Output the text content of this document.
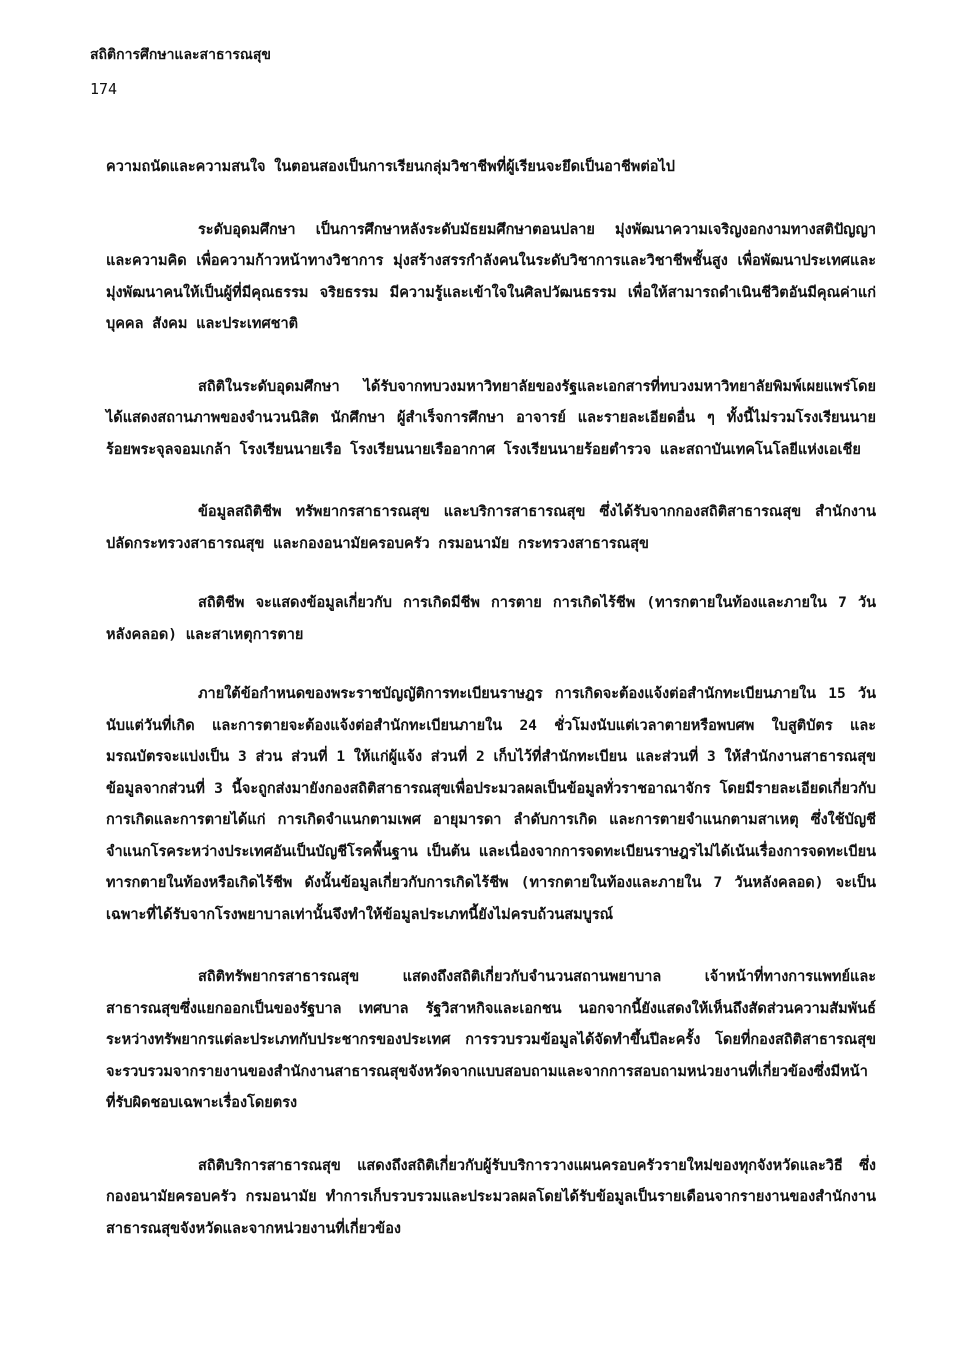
สถิติการศึกษาและสาธารณสุข
174

ความถนัดและความสนใจ ในตอนสองเป็นการเรียนกลุ่มวิชาชีพที่ผู้เรียนจะยึดเป็นอาชีพต่อไป

ระดับอุดมศึกษา เป็นการศึกษาหลังระดับมัธยมศึกษาตอนปลาย มุ่งพัฒนาความเจริญงอกงามทางสติปัญญาและความคิด เพื่อความก้าวหน้าทางวิชาการ มุ่งสร้างสรรกำลังคนในระดับวิชาการและวิชาชีพชั้นสูง เพื่อพัฒนาประเทศและมุ่งพัฒนาคนให้เป็นผู้ที่มีคุณธรรม จริยธรรม มีความรู้และเข้าใจในศิลปวัฒนธรรม เพื่อให้สามารถดำเนินชีวิตอันมีคุณค่าแก่บุคคล สังคม และประเทศชาติ

สถิติในระดับอุดมศึกษา ได้รับจากทบวงมหาวิทยาลัยของรัฐและเอกสารที่ทบวงมหาวิทยาลัยพิมพ์เผยแพร่โดยได้แสดงสถานภาพของจำนวนนิสิต นักศึกษา ผู้สำเร็จการศึกษา อาจารย์ และรายละเอียดอื่น ๆ ทั้งนี้ไม่รวมโรงเรียนนายร้อยพระจุลจอมเกล้า โรงเรียนนายเรือ โรงเรียนนายเรืออากาศ โรงเรียนนายร้อยตำรวจ และสถาบันเทคโนโลยีแห่งเอเชีย

ข้อมูลสถิติชีพ ทรัพยากรสาธารณสุข และบริการสาธารณสุข ซึ่งได้รับจากกองสถิติสาธารณสุข สำนักงานปลัดกระทรวงสาธารณสุข และกองอนามัยครอบครัว กรมอนามัย กระทรวงสาธารณสุข

สถิติชีพ จะแสดงข้อมูลเกี่ยวกับ การเกิดมีชีพ การตาย การเกิดไร้ชีพ (ทารกตายในท้องและภายใน 7 วันหลังคลอด) และสาเหตุการตาย

ภายใต้ข้อกำหนดของพระราชบัญญัติการทะเบียนราษฎร การเกิดจะต้องแจ้งต่อสำนักทะเบียนภายใน 15 วันนับแต่วันที่เกิด และการตายจะต้องแจ้งต่อสำนักทะเบียนภายใน 24 ชั่วโมงนับแต่เวลาตายหรือพบศพ ใบสูติบัตร และมรณบัตรจะแบ่งเป็น 3 ส่วน ส่วนที่ 1 ให้แก่ผู้แจ้ง ส่วนที่ 2 เก็บไว้ที่สำนักทะเบียน และส่วนที่ 3 ให้สำนักงานสาธารณสุข ข้อมูลจากส่วนที่ 3 นี้จะถูกส่งมายังกองสถิติสาธารณสุขเพื่อประมวลผลเป็นข้อมูลทั่วราชอาณาจักร โดยมีรายละเอียดเกี่ยวกับการเกิดและการตายได้แก่ การเกิดจำแนกตามเพศ อายุมารดา ลำดับการเกิด และการตายจำแนกตามสาเหตุ ซึ่งใช้บัญชีจำแนกโรคระหว่างประเทศอันเป็นบัญชีโรคพื้นฐาน เป็นต้น และเนื่องจากการจดทะเบียนราษฎรไม่ได้เน้นเรื่องการจดทะเบียนทารกตายในท้องหรือเกิดไร้ชีพ ดังนั้นข้อมูลเกี่ยวกับการเกิดไร้ชีพ (ทารกตายในท้องและภายใน 7 วันหลังคลอด) จะเป็นเฉพาะที่ได้รับจากโรงพยาบาลเท่านั้นจึงทำให้ข้อมูลประเภทนี้ยังไม่ครบถ้วนสมบูรณ์

สถิติทรัพยากรสาธารณสุข แสดงถึงสถิติเกี่ยวกับจำนวนสถานพยาบาล เจ้าหน้าที่ทางการแพทย์และสาธารณสุขซึ่งแยกออกเป็นของรัฐบาล เทศบาล รัฐวิสาหกิจและเอกชน นอกจากนี้ยังแสดงให้เห็นถึงสัดส่วนความสัมพันธ์ระหว่างทรัพยากรแต่ละประเภทกับประชากรของประเทศ การรวบรวมข้อมูลได้จัดทำขึ้นปีละครั้ง โดยที่กองสถิติสาธารณสุขจะรวบรวมจากรายงานของสำนักงานสาธารณสุขจังหวัดจากแบบสอบถามและจากการสอบถามหน่วยงานที่เกี่ยวข้องซึ่งมีหน้าที่รับผิดชอบเฉพาะเรื่องโดยตรง

สถิติบริการสาธารณสุข แสดงถึงสถิติเกี่ยวกับผู้รับบริการวางแผนครอบครัวรายใหม่ของทุกจังหวัดและวิธี ซึ่งกองอนามัยครอบครัว กรมอนามัย ทำการเก็บรวบรวมและประมวลผลโดยได้รับข้อมูลเป็นรายเดือนจากรายงานของสำนักงานสาธารณสุขจังหวัดและจากหน่วยงานที่เกี่ยวข้อง
